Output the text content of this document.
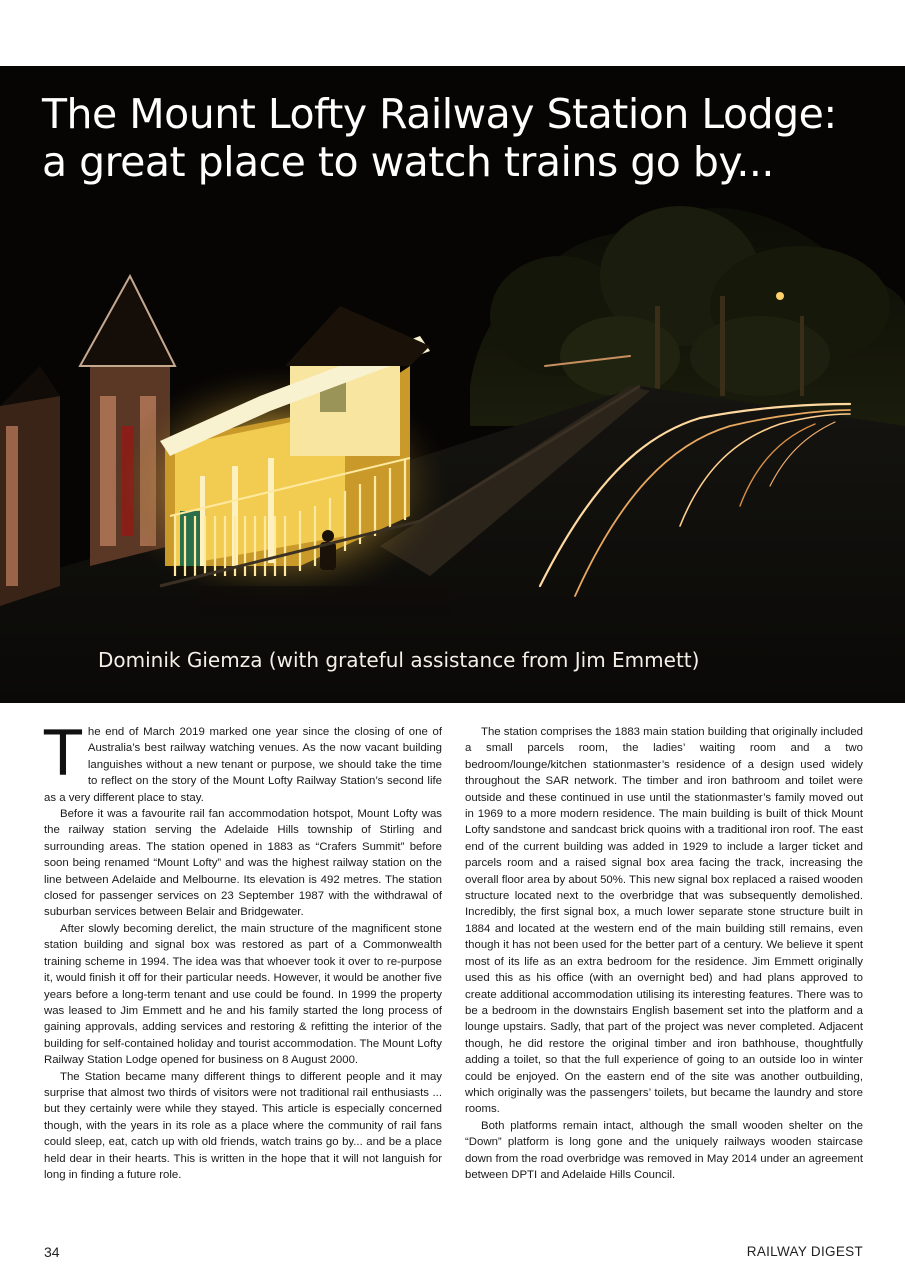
The Mount Lofty Railway Station Lodge:
a great place to watch trains go by...
Dominik Giemza (with grateful assistance from Jim Emmett)

The end of March 2019 marked one year since the closing of one of Australia’s best railway watching venues. As the now vacant building languishes without a new tenant or purpose, we should take the time to reflect on the story of the Mount Lofty Railway Station’s second life as a very different place to stay.

Before it was a favourite rail fan accommodation hotspot, Mount Lofty was the railway station serving the Adelaide Hills township of Stirling and surrounding areas. The station opened in 1883 as “Crafers Summit” before soon being renamed “Mount Lofty” and was the highest railway station on the line between Adelaide and Melbourne. Its elevation is 492 metres. The station closed for passenger services on 23 September 1987 with the withdrawal of suburban services between Belair and Bridgewater.

After slowly becoming derelict, the main structure of the magnificent stone station building and signal box was restored as part of a Commonwealth training scheme in 1994. The idea was that whoever took it over to re-purpose it, would finish it off for their particular needs. However, it would be another five years before a long-term tenant and use could be found. In 1999 the property was leased to Jim Emmett and he and his family started the long process of gaining approvals, adding services and restoring & refitting the interior of the building for self-contained holiday and tourist accommodation. The Mount Lofty Railway Station Lodge opened for business on 8 August 2000.

The Station became many different things to different people and it may surprise that almost two thirds of visitors were not traditional rail enthusiasts ... but they certainly were while they stayed. This article is especially concerned though, with the years in its role as a place where the community of rail fans could sleep, eat, catch up with old friends, watch trains go by... and be a place held dear in their hearts. This is written in the hope that it will not languish for long in finding a future role.

The station comprises the 1883 main station building that originally included a small parcels room, the ladies’ waiting room and a two bedroom/lounge/kitchen stationmaster’s residence of a design used widely throughout the SAR network. The timber and iron bathroom and toilet were outside and these continued in use until the stationmaster’s family moved out in 1969 to a more modern residence. The main building is built of thick Mount Lofty sandstone and sandcast brick quoins with a traditional iron roof. The east end of the current building was added in 1929 to include a larger ticket and parcels room and a raised signal box area facing the track, increasing the overall floor area by about 50%. This new signal box replaced a raised wooden structure located next to the overbridge that was subsequently demolished. Incredibly, the first signal box, a much lower separate stone structure built in 1884 and located at the western end of the main building still remains, even though it has not been used for the better part of a century. We believe it spent most of its life as an extra bedroom for the residence. Jim Emmett originally used this as his office (with an overnight bed) and had plans approved to create additional accommodation utilising its interesting features. There was to be a bedroom in the downstairs English basement set into the platform and a lounge upstairs. Sadly, that part of the project was never completed. Adjacent though, he did restore the original timber and iron bathhouse, thoughtfully adding a toilet, so that the full experience of going to an outside loo in winter could be enjoyed. On the eastern end of the site was another outbuilding, which originally was the passengers’ toilets, but became the laundry and store rooms.

Both platforms remain intact, although the small wooden shelter on the “Down” platform is long gone and the uniquely railways wooden staircase down from the road overbridge was removed in May 2014 under an agreement between DPTI and Adelaide Hills Council.

34	RAILWAY DIGEST
